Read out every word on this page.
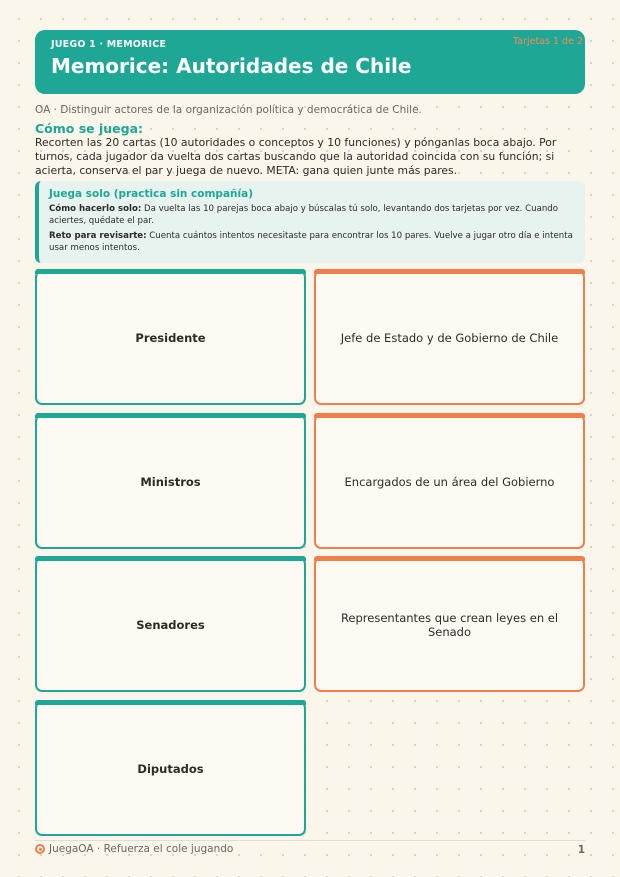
JUEGO 1 · MEMORICE
Memorice: Autoridades de Chile
Tarjetas 1 de 2
OA · Distinguir actores de la organización política y democrática de Chile.
Cómo se juega:
Recorten las 20 cartas (10 autoridades o conceptos y 10 funciones) y pónganlas boca abajo. Por turnos, cada jugador da vuelta dos cartas buscando que la autoridad coincida con su función; si acierta, conserva el par y juega de nuevo. META: gana quien junte más pares.
Juega solo (practica sin compañía)
Cómo hacerlo solo: Da vuelta las 10 parejas boca abajo y búscalas tú solo, levantando dos tarjetas por vez. Cuando aciertes, quédate el par.
Reto para revisarte: Cuenta cuántos intentos necesitaste para encontrar los 10 pares. Vuelve a jugar otro día e intenta usar menos intentos.
Presidente	Jefe de Estado y de Gobierno de Chile
Ministros	Encargados de un área del Gobierno
Senadores	Representantes que crean leyes en el Senado
Diputados
JuegaOA · Refuerza el cole jugando	1
